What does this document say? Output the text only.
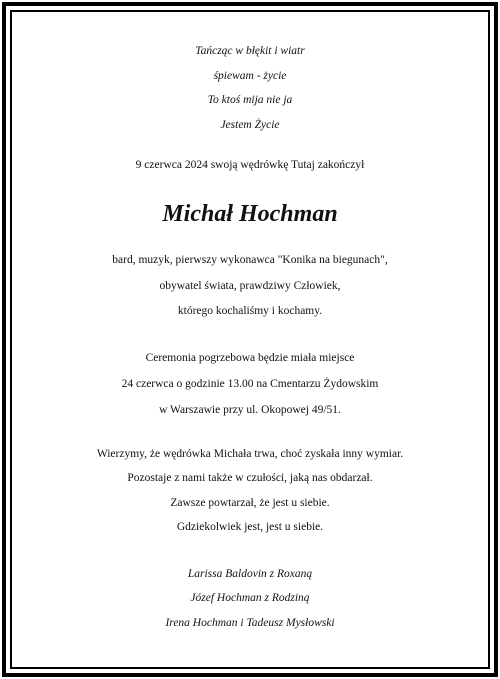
Tańcząc w błękit i wiatr
śpiewam - życie
To ktoś mija nie ja
Jestem Życie
9 czerwca 2024 swoją wędrówkę Tutaj zakończył
Michał Hochman
bard, muzyk, pierwszy wykonawca "Konika na biegunach",
obywatel świata, prawdziwy Człowiek,
którego kochaliśmy i kochamy.
Ceremonia pogrzebowa będzie miała miejsce
24 czerwca o godzinie 13.00 na Cmentarzu Żydowskim
w Warszawie przy ul. Okopowej 49/51.
Wierzymy, że wędrówka Michała trwa, choć zyskała inny wymiar.
Pozostaje z nami także w czułości, jaką nas obdarzał.
Zawsze powtarzał, że jest u siebie.
Gdziekolwiek jest, jest u siebie.
Larissa Baldovin z Roxaną
Józef Hochman z Rodziną
Irena Hochman i Tadeusz Mysłowski
